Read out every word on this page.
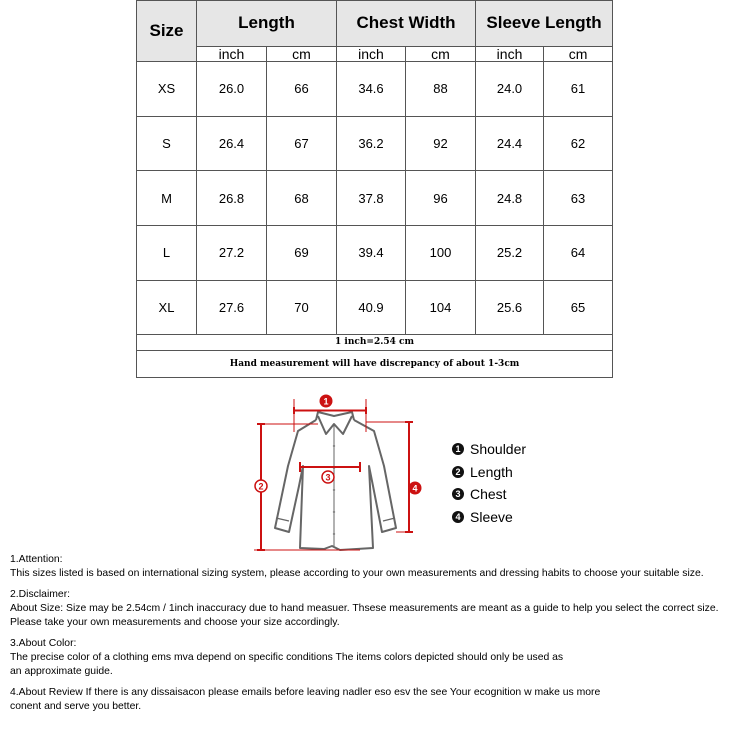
Size	Length		Chest Width		Sleeve Length	
	inch	cm	inch	cm	inch	cm
XS	26.0	66	34.6	88	24.0	61
S	26.4	67	36.2	92	24.4	62
M	26.8	68	37.8	96	24.8	63
L	27.2	69	39.4	100	25.2	64
XL	27.6	70	40.9	104	25.6	65
1 inch=2.54 cm						
Hand measurement will have discrepancy of about 1-3cm						
1
2
3
4
1 Shoulder
2 Length
3 Chest
4 Sleeve

1.Attention:

This sizes listed is based on international sizing system, please according to your own measurements and dressing habits to choose your suitable size.

2.Disclaimer:

About Size: Size may be 2.54cm / 1inch inaccuracy due to hand measuer. Thsese measurements are meant as a guide to help you select the correct size.

Please take your own measurements and choose your size accordingly.

3.About Color:

The precise color of a clothing ems mva depend on specific conditions The items colors depicted should only be used as

an approximate guide.

4.About Review If there is any dissaisacon please emails before leaving nadler eso esv the see Your ecognition w make us more

conent and serve you better.
